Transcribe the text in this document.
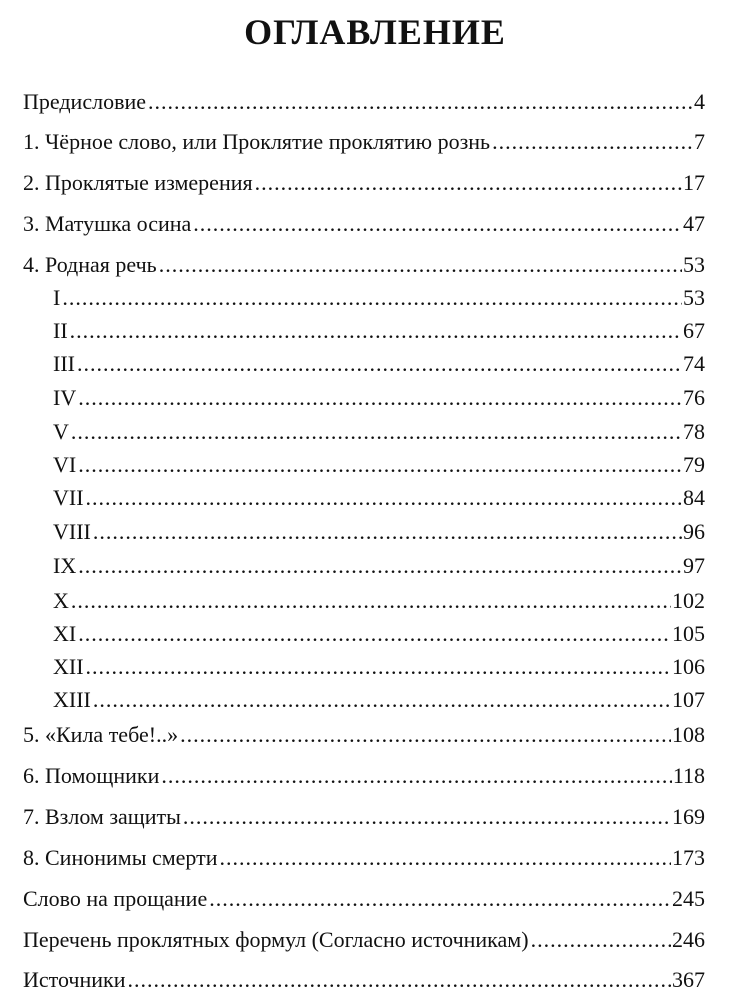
ОГЛАВЛЕНИЕ
Предисловие .....	4
1. Чёрное слово, или Проклятие проклятию рознь .....	7
2. Проклятые измерения .....	17
3. Матушка осина .....	47
4. Родная речь .....	53
I .....	53
II .....	67
III .....	74
IV .....	76
V .....	78
VI .....	79
VII .....	84
VIII .....	96
IX .....	97
X .....	102
XI .....	105
XII .....	106
XIII .....	107
5. «Кила тебе!..» .....	108
6. Помощники .....	118
7. Взлом защиты .....	169
8. Синонимы смерти .....	173
Слово на прощание .....	245
Перечень проклятных формул (Согласно источникам) .....	246
Источники .....	367
